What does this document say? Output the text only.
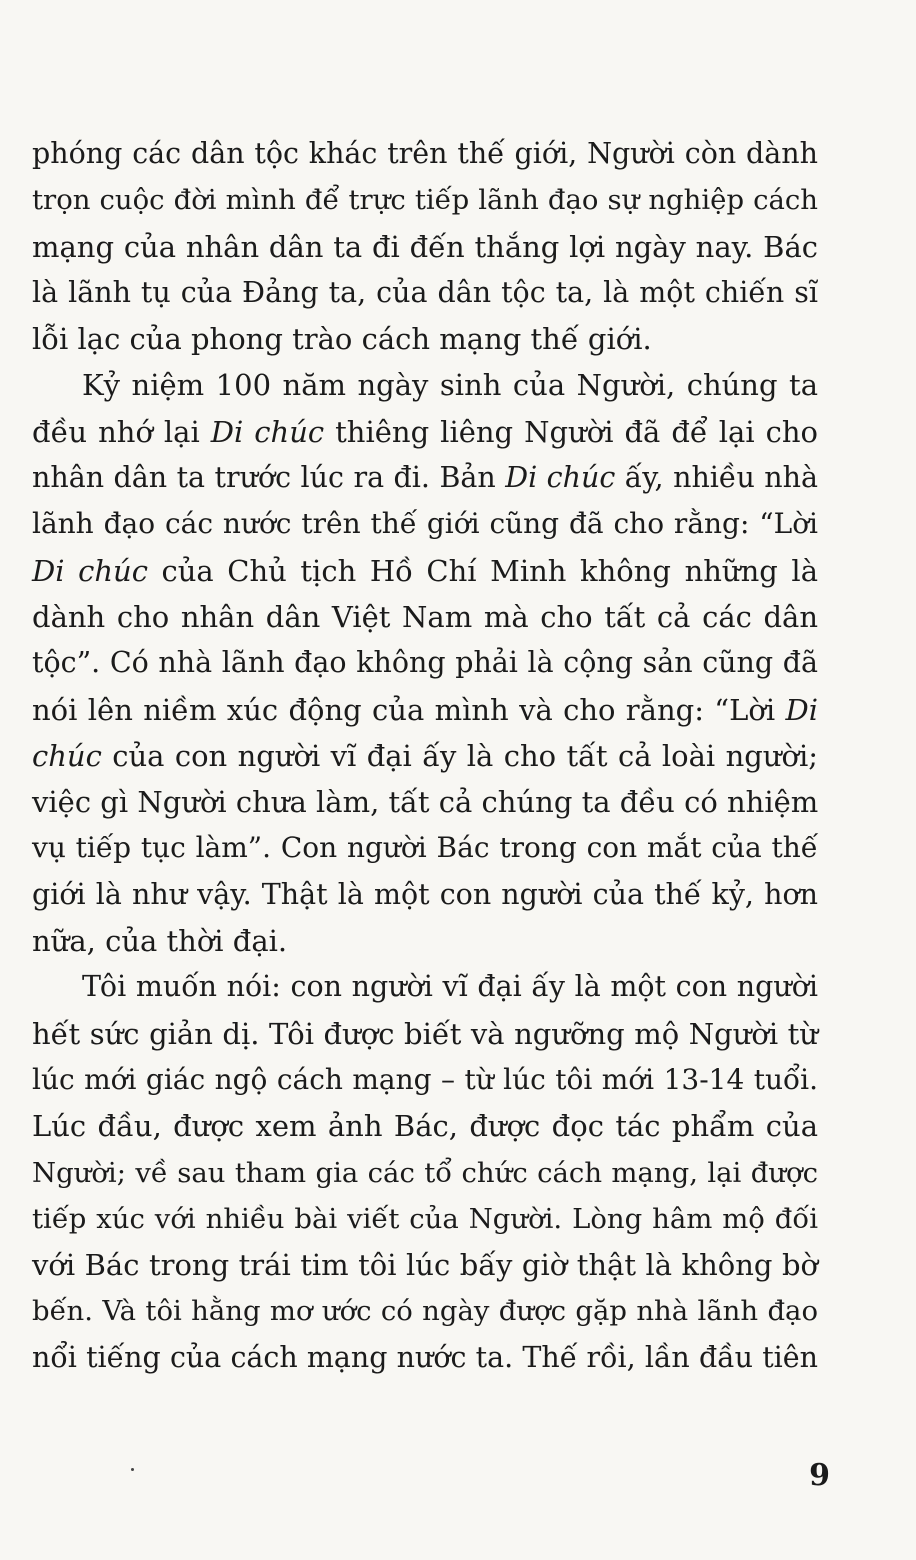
phóng các dân tộc khác trên thế giới, Người còn dành
trọn cuộc đời mình để trực tiếp lãnh đạo sự nghiệp cách
mạng của nhân dân ta đi đến thắng lợi ngày nay. Bác
là lãnh tụ của Đảng ta, của dân tộc ta, là một chiến sĩ
lỗi lạc của phong trào cách mạng thế giới.
Kỷ niệm 100 năm ngày sinh của Người, chúng ta
đều nhớ lại Di chúc thiêng liêng Người đã để lại cho
nhân dân ta trước lúc ra đi. Bản Di chúc ấy, nhiều nhà
lãnh đạo các nước trên thế giới cũng đã cho rằng: “Lời
Di chúc của Chủ tịch Hồ Chí Minh không những là
dành cho nhân dân Việt Nam mà cho tất cả các dân
tộc”. Có nhà lãnh đạo không phải là cộng sản cũng đã
nói lên niềm xúc động của mình và cho rằng: “Lời Di
chúc của con người vĩ đại ấy là cho tất cả loài người;
việc gì Người chưa làm, tất cả chúng ta đều có nhiệm
vụ tiếp tục làm”. Con người Bác trong con mắt của thế
giới là như vậy. Thật là một con người của thế kỷ, hơn
nữa, của thời đại.
Tôi muốn nói: con người vĩ đại ấy là một con người
hết sức giản dị. Tôi được biết và ngưỡng mộ Người từ
lúc mới giác ngộ cách mạng – từ lúc tôi mới 13-14 tuổi.
Lúc đầu, được xem ảnh Bác, được đọc tác phẩm của
Người; về sau tham gia các tổ chức cách mạng, lại được
tiếp xúc với nhiều bài viết của Người. Lòng hâm mộ đối
với Bác trong trái tim tôi lúc bấy giờ thật là không bờ
bến. Và tôi hằng mơ ước có ngày được gặp nhà lãnh đạo
nổi tiếng của cách mạng nước ta. Thế rồi, lần đầu tiên
9
